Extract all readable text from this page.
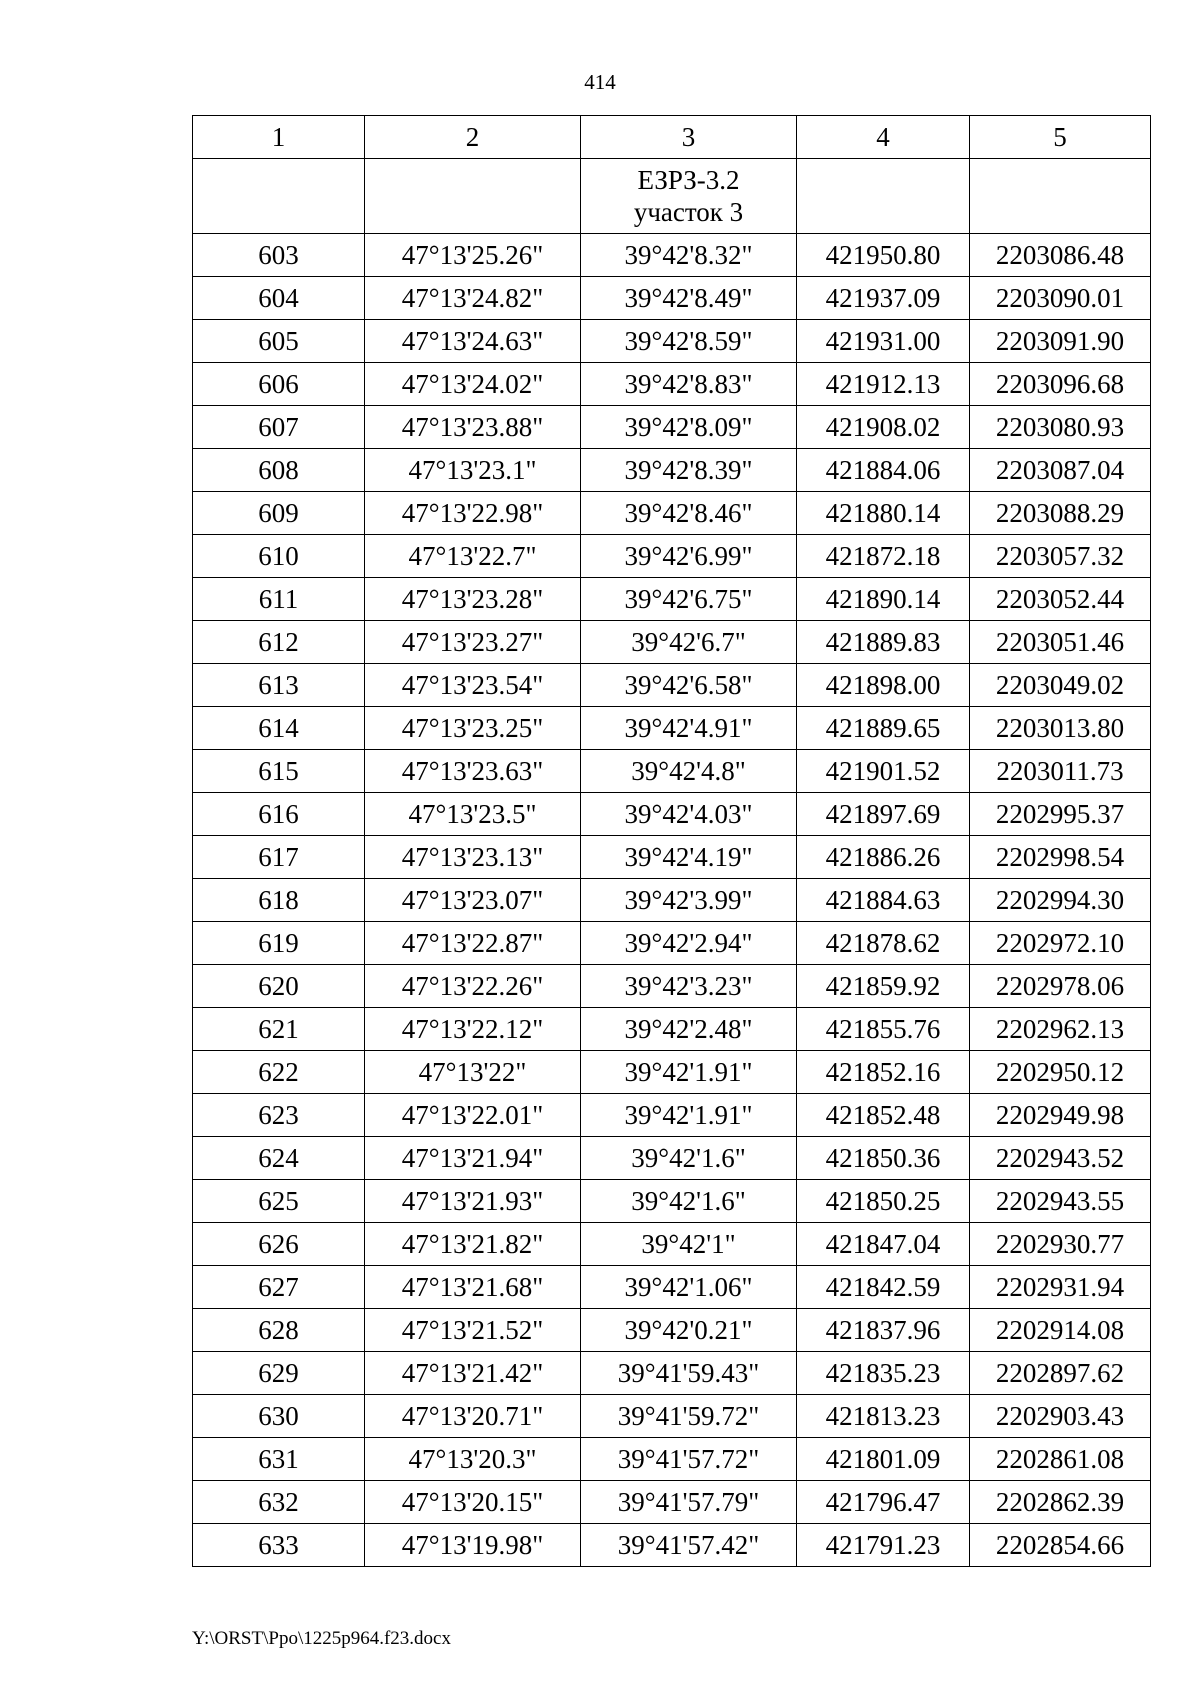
414
1	2	3	4	5

		ЕЗРЗ-3.2
участок 3		

603	47°13'25.26"	39°42'8.32"	421950.80	2203086.48
604	47°13'24.82"	39°42'8.49"	421937.09	2203090.01
605	47°13'24.63"	39°42'8.59"	421931.00	2203091.90
606	47°13'24.02"	39°42'8.83"	421912.13	2203096.68
607	47°13'23.88"	39°42'8.09"	421908.02	2203080.93
608	47°13'23.1"	39°42'8.39"	421884.06	2203087.04
609	47°13'22.98"	39°42'8.46"	421880.14	2203088.29
610	47°13'22.7"	39°42'6.99"	421872.18	2203057.32
611	47°13'23.28"	39°42'6.75"	421890.14	2203052.44
612	47°13'23.27"	39°42'6.7"	421889.83	2203051.46
613	47°13'23.54"	39°42'6.58"	421898.00	2203049.02
614	47°13'23.25"	39°42'4.91"	421889.65	2203013.80
615	47°13'23.63"	39°42'4.8"	421901.52	2203011.73
616	47°13'23.5"	39°42'4.03"	421897.69	2202995.37
617	47°13'23.13"	39°42'4.19"	421886.26	2202998.54
618	47°13'23.07"	39°42'3.99"	421884.63	2202994.30
619	47°13'22.87"	39°42'2.94"	421878.62	2202972.10
620	47°13'22.26"	39°42'3.23"	421859.92	2202978.06
621	47°13'22.12"	39°42'2.48"	421855.76	2202962.13
622	47°13'22"	39°42'1.91"	421852.16	2202950.12
623	47°13'22.01"	39°42'1.91"	421852.48	2202949.98
624	47°13'21.94"	39°42'1.6"	421850.36	2202943.52
625	47°13'21.93"	39°42'1.6"	421850.25	2202943.55
626	47°13'21.82"	39°42'1"	421847.04	2202930.77
627	47°13'21.68"	39°42'1.06"	421842.59	2202931.94
628	47°13'21.52"	39°42'0.21"	421837.96	2202914.08
629	47°13'21.42"	39°41'59.43"	421835.23	2202897.62
630	47°13'20.71"	39°41'59.72"	421813.23	2202903.43
631	47°13'20.3"	39°41'57.72"	421801.09	2202861.08
632	47°13'20.15"	39°41'57.79"	421796.47	2202862.39
633	47°13'19.98"	39°41'57.42"	421791.23	2202854.66
Y:\ORST\Ppo\1225p964.f23.docx
